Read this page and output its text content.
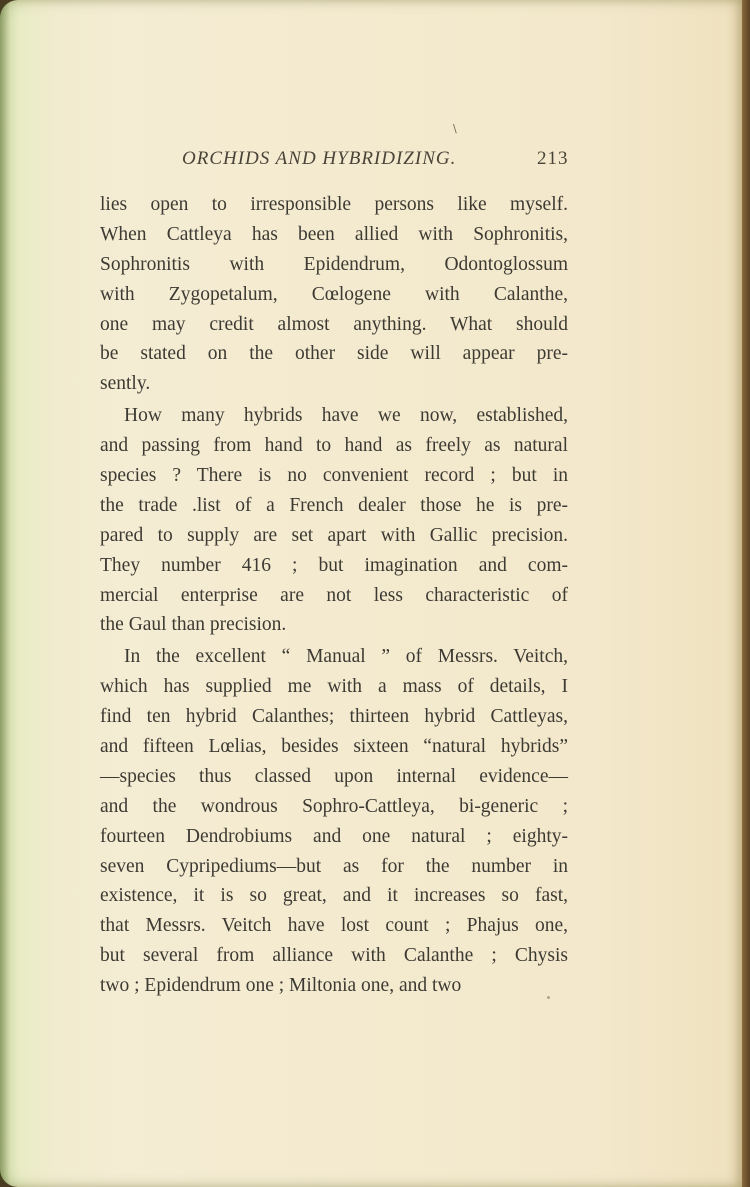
\
ORCHIDS AND HYBRIDIZING.	213
lies open to irresponsible persons like myself.
When Cattleya has been allied with Sophronitis,
Sophronitis with Epidendrum, Odontoglossum
with Zygopetalum, Cœlogene with Calanthe,
one may credit almost anything. What should
be stated on the other side will appear pre-
sently.
How many hybrids have we now, established,
and passing from hand to hand as freely as natural
species ? There is no convenient record ; but in
the trade .list of a French dealer those he is pre-
pared to supply are set apart with Gallic precision.
They number 416 ; but imagination and com-
mercial enterprise are not less characteristic of
the Gaul than precision.
In the excellent “ Manual ” of Messrs. Veitch,
which has supplied me with a mass of details, I
find ten hybrid Calanthes; thirteen hybrid Cattleyas,
and fifteen Lœlias, besides sixteen “natural hybrids”
—species thus classed upon internal evidence—
and the wondrous Sophro-Cattleya, bi-generic ;
fourteen Dendrobiums and one natural ; eighty-
seven Cypripediums—but as for the number in
existence, it is so great, and it increases so fast,
that Messrs. Veitch have lost count ; Phajus one,
but several from alliance with Calanthe ; Chysis
two ; Epidendrum one ; Miltonia one, and two
